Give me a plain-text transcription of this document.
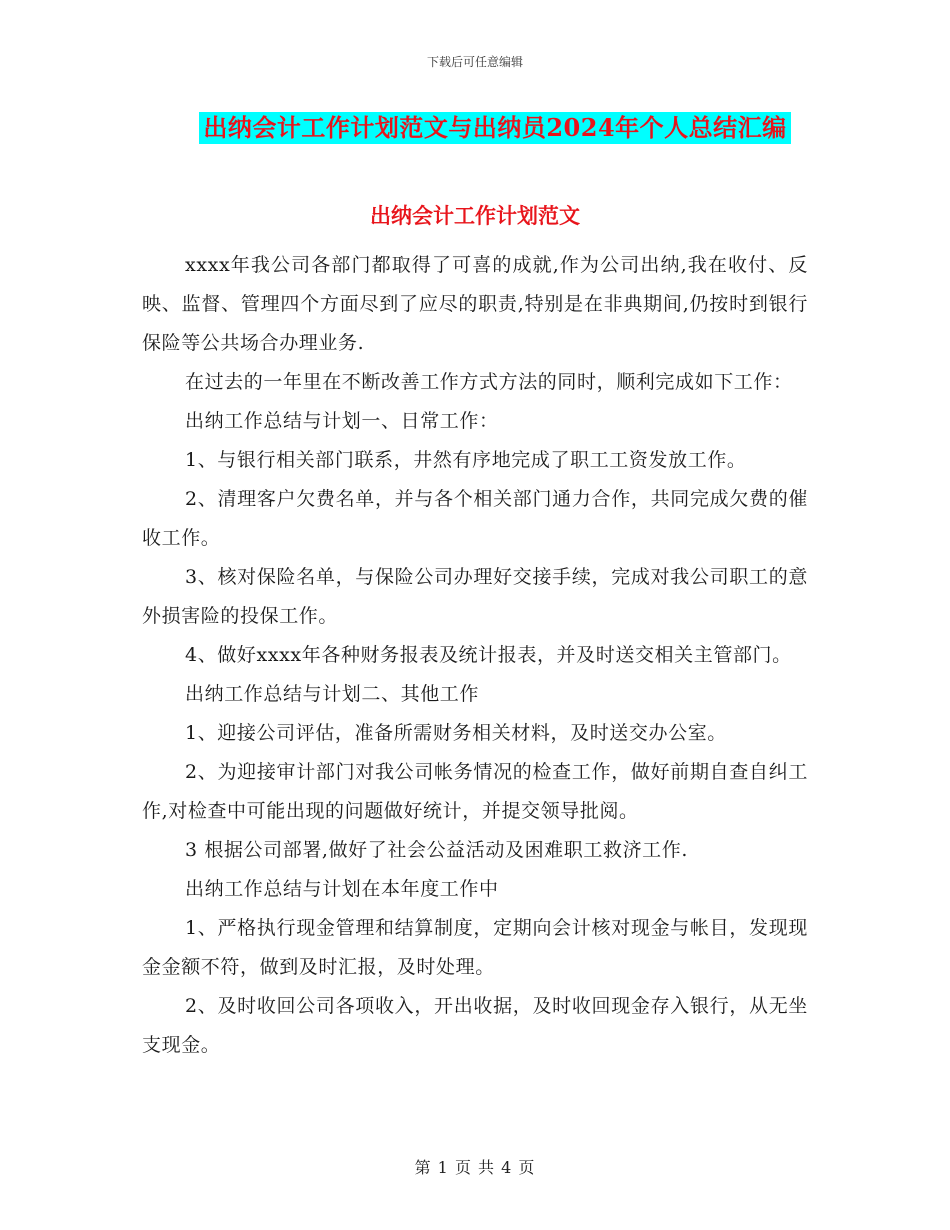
下载后可任意编辑
出纳会计工作计划范文与出纳员2024年个人总结汇编
出纳会计工作计划范文

xxxx年我公司各部门都取得了可喜的成就,作为公司出纳,我在收付、反映、监督、管理四个方面尽到了应尽的职责,特别是在非典期间,仍按时到银行保险等公共场合办理业务.

在过去的一年里在不断改善工作方式方法的同时，顺利完成如下工作：

出纳工作总结与计划一、日常工作：

1、与银行相关部门联系，井然有序地完成了职工工资发放工作。

2、清理客户欠费名单，并与各个相关部门通力合作，共同完成欠费的催收工作。

3、核对保险名单，与保险公司办理好交接手续，完成对我公司职工的意外损害险的投保工作。

4、做好xxxx年各种财务报表及统计报表，并及时送交相关主管部门。

出纳工作总结与计划二、其他工作

1、迎接公司评估，准备所需财务相关材料，及时送交办公室。

2、为迎接审计部门对我公司帐务情况的检查工作，做好前期自查自纠工作,对检查中可能出现的问题做好统计，并提交领导批阅。

3 根据公司部署,做好了社会公益活动及困难职工救济工作.

出纳工作总结与计划在本年度工作中

1、严格执行现金管理和结算制度，定期向会计核对现金与帐目，发现现金金额不符，做到及时汇报，及时处理。

2、及时收回公司各项收入，开出收据，及时收回现金存入银行，从无坐支现金。

第 1 页 共 4 页
